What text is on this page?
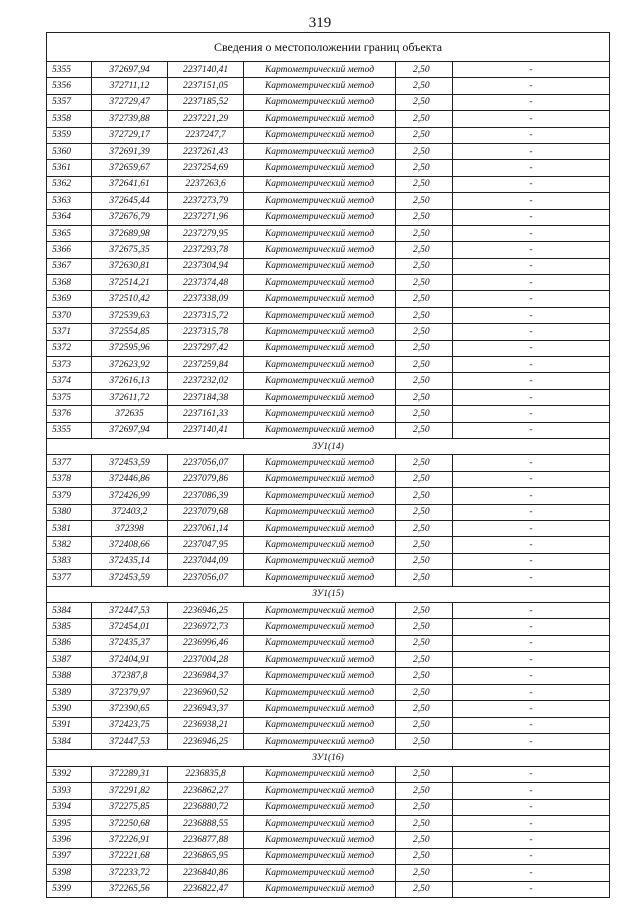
319
Сведения о местоположении границ объекта					
5355	372697,94	2237140,41	Картометрический метод	2,50	-
5356	372711,12	2237151,05	Картометрический метод	2,50	-
5357	372729,47	2237185,52	Картометрический метод	2,50	-
5358	372739,88	2237221,29	Картометрический метод	2,50	-
5359	372729,17	2237247,7	Картометрический метод	2,50	-
5360	372691,39	2237261,43	Картометрический метод	2,50	-
5361	372659,67	2237254,69	Картометрический метод	2,50	-
5362	372641,61	2237263,6	Картометрический метод	2,50	-
5363	372645,44	2237273,79	Картометрический метод	2,50	-
5364	372676,79	2237271,96	Картометрический метод	2,50	-
5365	372689,98	2237279,95	Картометрический метод	2,50	-
5366	372675,35	2237293,78	Картометрический метод	2,50	-
5367	372630,81	2237304,94	Картометрический метод	2,50	-
5368	372514,21	2237374,48	Картометрический метод	2,50	-
5369	372510,42	2237338,09	Картометрический метод	2,50	-
5370	372539,63	2237315,72	Картометрический метод	2,50	-
5371	372554,85	2237315,78	Картометрический метод	2,50	-
5372	372595,96	2237297,42	Картометрический метод	2,50	-
5373	372623,92	2237259,84	Картометрический метод	2,50	-
5374	372616,13	2237232,02	Картометрический метод	2,50	-
5375	372611,72	2237184,38	Картометрический метод	2,50	-
5376	372635	2237161,33	Картометрический метод	2,50	-
5355	372697,94	2237140,41	Картометрический метод	2,50	-
ЗУ1(14)					
5377	372453,59	2237056,07	Картометрический метод	2,50	-
5378	372446,86	2237079,86	Картометрический метод	2,50	-
5379	372426,99	2237086,39	Картометрический метод	2,50	-
5380	372403,2	2237079,68	Картометрический метод	2,50	-
5381	372398	2237061,14	Картометрический метод	2,50	-
5382	372408,66	2237047,95	Картометрический метод	2,50	-
5383	372435,14	2237044,09	Картометрический метод	2,50	-
5377	372453,59	2237056,07	Картометрический метод	2,50	-
ЗУ1(15)					
5384	372447,53	2236946,25	Картометрический метод	2,50	-
5385	372454,01	2236972,73	Картометрический метод	2,50	-
5386	372435,37	2236996,46	Картометрический метод	2,50	-
5387	372404,91	2237004,28	Картометрический метод	2,50	-
5388	372387,8	2236984,37	Картометрический метод	2,50	-
5389	372379,97	2236960,52	Картометрический метод	2,50	-
5390	372390,65	2236943,37	Картометрический метод	2,50	-
5391	372423,75	2236938,21	Картометрический метод	2,50	-
5384	372447,53	2236946,25	Картометрический метод	2,50	-
ЗУ1(16)					
5392	372289,31	2236835,8	Картометрический метод	2,50	-
5393	372291,82	2236862,27	Картометрический метод	2,50	-
5394	372275,85	2236880,72	Картометрический метод	2,50	-
5395	372250,68	2236888,55	Картометрический метод	2,50	-
5396	372226,91	2236877,88	Картометрический метод	2,50	-
5397	372221,68	2236865,95	Картометрический метод	2,50	-
5398	372233,72	2236840,86	Картометрический метод	2,50	-
5399	372265,56	2236822,47	Картометрический метод	2,50	-
